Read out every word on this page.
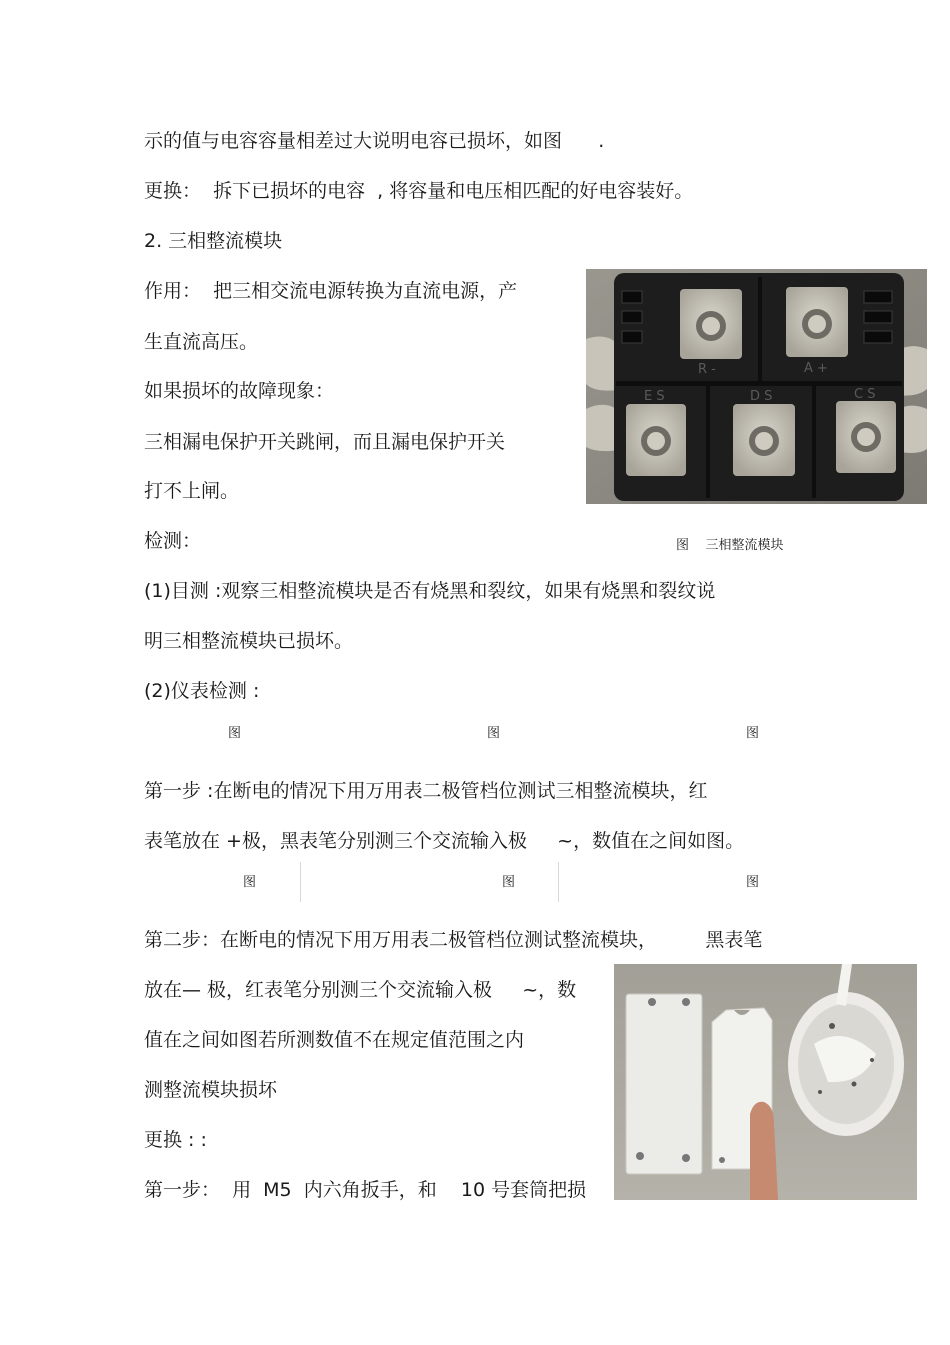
示的值与电容容量相差过大说明电容已损坏，如图      .
更换：  拆下已损坏的电容  , 将容量和电压相匹配的好电容装好。
2. 三相整流模块
作用：  把三相交流电源转换为直流电源，产
生直流高压。
如果损坏的故障现象：
三相漏电保护开关跳闸，而且漏电保护开关
打不上闸。
检测：
(1)目测 :观察三相整流模块是否有烧黑和裂纹，如果有烧黑和裂纹说
明三相整流模块已损坏。
(2)仪表检测 :
第一步 :在断电的情况下用万用表二极管档位测试三相整流模块，红
表笔放在 +极，黑表笔分别测三个交流输入极     ~，数值在之间如图。
第二步：在断电的情况下用万用表二极管档位测试整流模块，        黑表笔
放在— 极，红表笔分别测三个交流输入极     ~，数
值在之间如图若所测数值不在规定值范围之内
测整流模块损坏
更换 : :
第一步：  用  M5  内六角扳手，和    10 号套筒把损
图    三相整流模块
图	图	图
图	图	图
R -	A +
E S	D S	C S
